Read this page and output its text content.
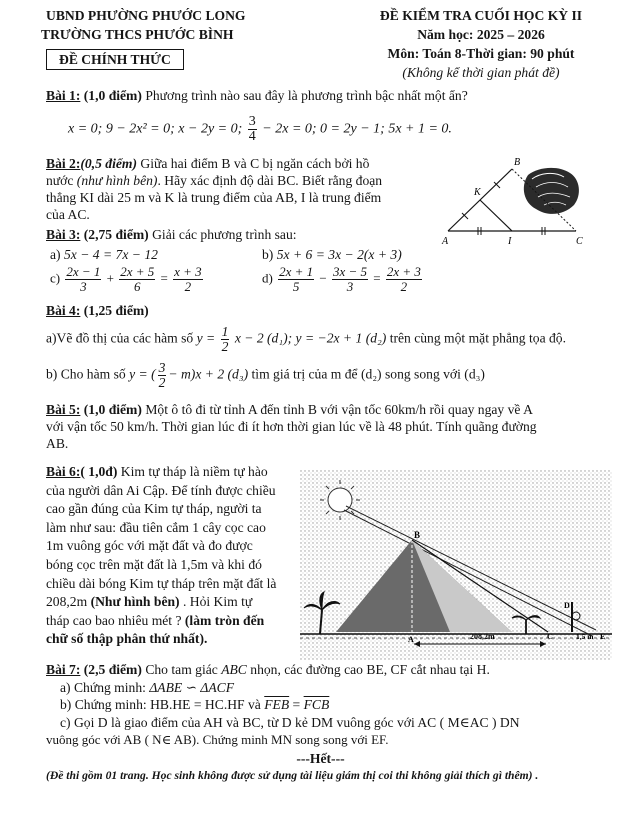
UBND PHƯỜNG PHƯỚC LONG
TRƯỜNG THCS PHƯỚC BÌNH
ĐỀ CHÍNH THỨC
ĐỀ KIỂM TRA CUỐI HỌC KỲ II
Năm học: 2025 – 2026
Môn: Toán 8-Thời gian: 90 phút
(Không kể thời gian phát đề)
Bài 1: (1,0 điểm) Phương trình nào sau đây là phương trình bậc nhất một ẩn?
x = 0; 9 − 2x² = 0; x − 2y = 0; $\frac{3}{4} - 2x = 0$; 0 = 2y − 1; 5x + 1 = 0.
Bài 2:(0,5 điểm) Giữa hai điểm B và C bị ngăn cách bởi hồ
nước (như hình bên). Hãy xác định độ dài BC. Biết rằng đoạn
thẳng KI dài 25 m và K là trung điểm của AB, I là trung điểm
của AC.
B
K
A	I	C
Bài 3: (2,75 điểm) Giải các phương trình sau:
a) 5x − 4 = 7x − 12	b) 5x + 6 = 3x − 2(x + 3)
$c) \frac{2x - 1}{3} + \frac{2x + 5}{6} = \frac{x + 3}{2}$	$d) \frac{2x + 1}{5} - \frac{3x - 5}{3} = \frac{2x + 3}{2}$
Bài 4: (1,25 điểm)
a)Vẽ đồ thị của các hàm số $y = \frac{1}{2}$ x − 2 (d₁); y = −2x + 1 (d₂) trên cùng một mặt phẳng tọa độ.
b) Cho hàm số y = ( $\frac{3}{2} - m)x + 2$ (d₃) tìm giá trị của m để (d₂) song song với (d₃)
Bài 5: (1,0 điểm) Một ô tô đi từ tỉnh A đến tỉnh B với vận tốc 60km/h rồi quay ngay về A
với vận tốc 50 km/h. Thời gian lúc đi ít hơn thời gian lúc về là 48 phút. Tính quãng đường
AB.
Bài 6:( 1,0đ) Kim tự tháp là niềm tự hào
của người dân Ai Cập. Để tính được chiều
cao gần đúng của Kim tự tháp, người ta
làm như sau: đầu tiên cắm 1 cây cọc cao
1m vuông góc với mặt đất và đo được
bóng cọc trên mặt đất là 1,5m và khi đó
chiều dài bóng Kim tự tháp trên mặt đất là
208,2m (Như hình bên) . Hỏi Kim tự
tháp cao bao nhiêu mét ? (làm tròn đến
chữ số thập phân thứ nhất).	208,2m	1,5 m
B
A	C
D
E
Bài 7: (2,5 điểm) Cho tam giác ABC nhọn, các đường cao BE, CF cắt nhau tại H.
a) Chứng minh: ΔABE ∽ ΔACF
b) Chứng minh: HB.HE = HC.HF và $\overline{FEB} = \overline{FCB}$
c) Gọi D là giao điểm của AH và BC, từ D kẻ DM vuông góc với AC ( M∈AC ) DN
vuông góc với AB ( N∈ AB). Chứng minh MN song song với EF.
---Hết---
(Đề thi gồm 01 trang. Học sinh không được sử dụng tài liệu giám thị coi thi không giải thích gì thêm) .
